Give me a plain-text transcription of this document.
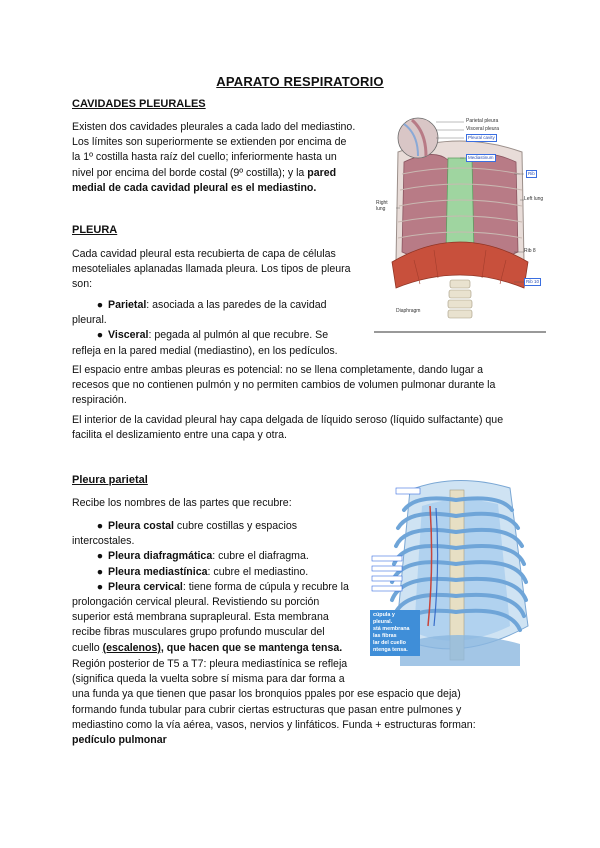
APARATO RESPIRATORIO
CAVIDADES PLEURALES
Existen dos cavidades pleurales a cada lado del mediastino.
Los límites son superiormente se extienden por encima de
la 1º costilla hasta raíz del cuello; inferiormente hasta un
nivel por encima del borde costal (9º costilla); y la pared
medial de cada cavidad pleural es el mediastino.
PLEURA
Cada cavidad pleural esta recubierta de capa de células
mesoteliales aplanadas llamada pleura. Los tipos de pleura
son:
● Parietal: asociada a las paredes de la cavidad
pleural.
● Visceral: pegada al pulmón al que recubre. Se
refleja en la pared medial (mediastino), en los pedículos.
El espacio entre ambas pleuras es potencial: no se llena completamente, dando lugar a
recesos que no contienen pulmón y no permiten cambios de volumen pulmonar durante la
respiración.
El interior de la cavidad pleural hay capa delgada de líquido seroso (líquido sulfactante) que
facilita el deslizamiento entre una capa y otra.
Pleura parietal
Recibe los nombres de las partes que recubre:
● Pleura costal cubre costillas y espacios
intercostales.
● Pleura diafragmática: cubre el diafragma.
● Pleura mediastínica: cubre el mediastino.
● Pleura cervical: tiene forma de cúpula y recubre la
prolongación cervical pleural. Revistiendo su porción
superior está membrana suprapleural. Esta membrana
recibe fibras musculares grupo profundo muscular del
cuello (escalenos), que hacen que se mantenga tensa.
Región posterior de T5 a T7: pleura mediastínica se refleja
(significa queda la vuelta sobre sí misma para dar forma a
una funda ya que tienen que pasar los bronquios ppales por ese espacio que deja)
formando funda tubular para cubrir ciertas estructuras que pasan entre pulmones y
mediastino como la vía aérea, vasos, nervios y linfáticos. Funda + estructuras forman:
pedículo pulmonar
Parietal pleura
Visceral pleura
Pleural cavity
Mediastinum
Rib
Left lung
Right lung
Rib 8
Rib 10
Diaphragm
cúpula y
pleural.
stá membrana
las fibras
lar del cuello
ntenga tensa.
